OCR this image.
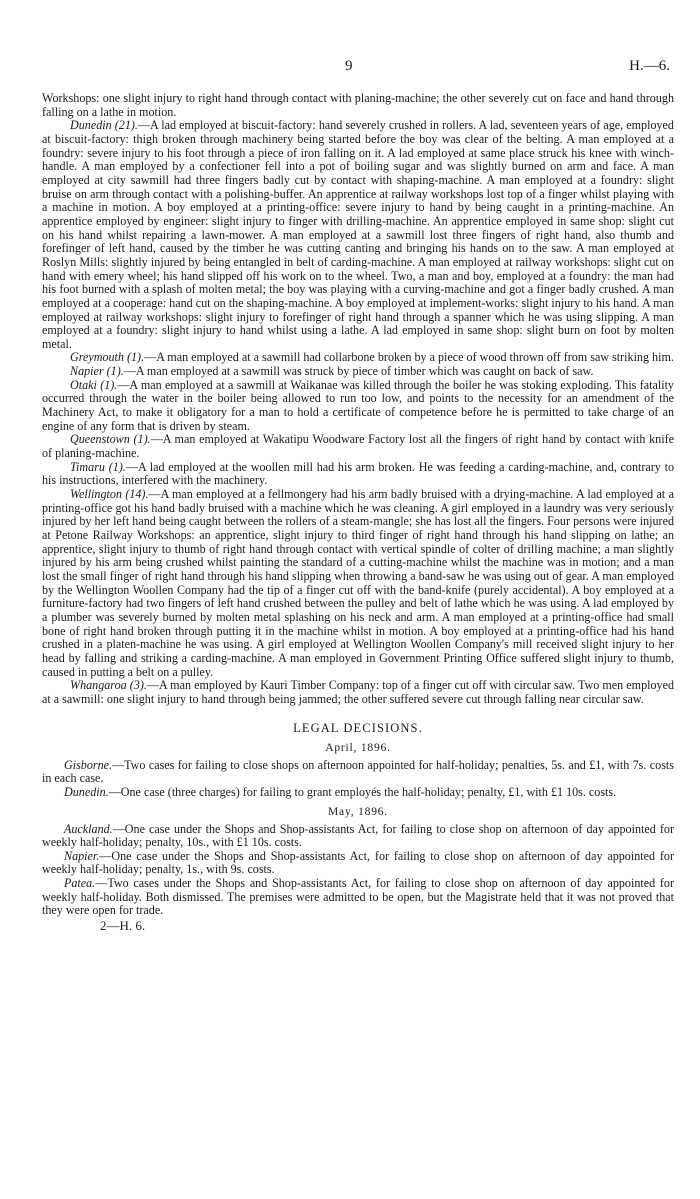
9	H.—6.

Workshops: one slight injury to right hand through contact with planing-machine; the other severely cut on face and hand through falling on a lathe in motion.

Dunedin (21).—A lad employed at biscuit-factory: hand severely crushed in rollers. A lad, seventeen years of age, employed at biscuit-factory: thigh broken through machinery being started before the boy was clear of the belting. A man employed at a foundry: severe injury to his foot through a piece of iron falling on it. A lad employed at same place struck his knee with winch-handle. A man employed by a confectioner fell into a pot of boiling sugar and was slightly burned on arm and face. A man employed at city sawmill had three fingers badly cut by contact with shaping-machine. A man employed at a foundry: slight bruise on arm through contact with a polishing-buffer. An apprentice at railway workshops lost top of a finger whilst playing with a machine in motion. A boy employed at a printing-office: severe injury to hand by being caught in a printing-machine. An apprentice employed by engineer: slight injury to finger with drilling-machine. An apprentice employed in same shop: slight cut on his hand whilst repairing a lawn-mower. A man employed at a sawmill lost three fingers of right hand, also thumb and forefinger of left hand, caused by the timber he was cutting canting and bringing his hands on to the saw. A man employed at Roslyn Mills: slightly injured by being entangled in belt of carding-machine. A man employed at railway workshops: slight cut on hand with emery wheel; his hand slipped off his work on to the wheel. Two, a man and boy, employed at a foundry: the man had his foot burned with a splash of molten metal; the boy was playing with a curving-machine and got a finger badly crushed. A man employed at a cooperage: hand cut on the shaping-machine. A boy employed at implement-works: slight injury to his hand. A man employed at railway workshops: slight injury to forefinger of right hand through a spanner which he was using slipping. A man employed at a foundry: slight injury to hand whilst using a lathe. A lad employed in same shop: slight burn on foot by molten metal.

Greymouth (1).—A man employed at a sawmill had collarbone broken by a piece of wood thrown off from saw striking him.

Napier (1).—A man employed at a sawmill was struck by piece of timber which was caught on back of saw.

Otaki (1).—A man employed at a sawmill at Waikanae was killed through the boiler he was stoking exploding. This fatality occurred through the water in the boiler being allowed to run too low, and points to the necessity for an amendment of the Machinery Act, to make it obligatory for a man to hold a certificate of competence before he is permitted to take charge of an engine of any form that is driven by steam.

Queenstown (1).—A man employed at Wakatipu Woodware Factory lost all the fingers of right hand by contact with knife of planing-machine.

Timaru (1).—A lad employed at the woollen mill had his arm broken. He was feeding a carding-machine, and, contrary to his instructions, interfered with the machinery.

Wellington (14).—A man employed at a fellmongery had his arm badly bruised with a drying-machine. A lad employed at a printing-office got his hand badly bruised with a machine which he was cleaning. A girl employed in a laundry was very seriously injured by her left hand being caught between the rollers of a steam-mangle; she has lost all the fingers. Four persons were injured at Petone Railway Workshops: an apprentice, slight injury to third finger of right hand through his hand slipping on lathe; an apprentice, slight injury to thumb of right hand through contact with vertical spindle of colter of drilling machine; a man slightly injured by his arm being crushed whilst painting the standard of a cutting-machine whilst the machine was in motion; and a man lost the small finger of right hand through his hand slipping when throwing a band-saw he was using out of gear. A man employed by the Wellington Woollen Company had the tip of a finger cut off with the band-knife (purely accidental). A boy employed at a furniture-factory had two fingers of left hand crushed between the pulley and belt of lathe which he was using. A lad employed by a plumber was severely burned by molten metal splashing on his neck and arm. A man employed at a printing-office had small bone of right hand broken through putting it in the machine whilst in motion. A boy employed at a printing-office had his hand crushed in a platen-machine he was using. A girl employed at Wellington Woollen Company's mill received slight injury to her head by falling and striking a carding-machine. A man employed in Government Printing Office suffered slight injury to thumb, caused in putting a belt on a pulley.

Whangaroa (3).—A man employed by Kauri Timber Company: top of a finger cut off with circular saw. Two men employed at a sawmill: one slight injury to hand through being jammed; the other suffered severe cut through falling near circular saw.

LEGAL DECISIONS.
April, 1896.

Gisborne.—Two cases for failing to close shops on afternoon appointed for half-holiday; penalties, 5s. and £1, with 7s. costs in each case.

Dunedin.—One case (three charges) for failing to grant employés the half-holiday; penalty, £1, with £1 10s. costs.

May, 1896.

Auckland.—One case under the Shops and Shop-assistants Act, for failing to close shop on afternoon of day appointed for weekly half-holiday; penalty, 10s., with £1 10s. costs.

Napier.—One case under the Shops and Shop-assistants Act, for failing to close shop on afternoon of day appointed for weekly half-holiday; penalty, 1s., with 9s. costs.

Patea.—Two cases under the Shops and Shop-assistants Act, for failing to close shop on afternoon of day appointed for weekly half-holiday. Both dismissed. The premises were admitted to be open, but the Magistrate held that it was not proved that they were open for trade.

2—H. 6.
